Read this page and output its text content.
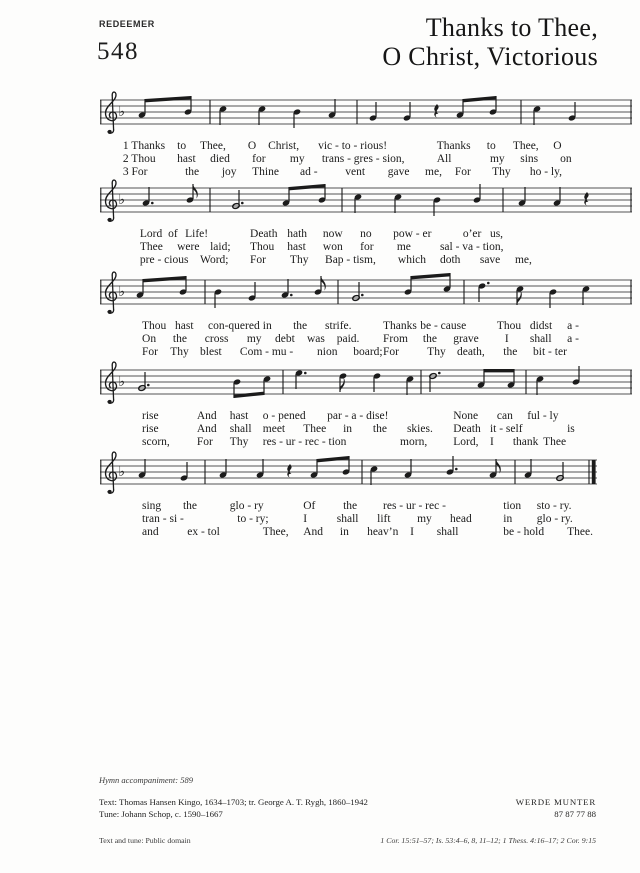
REDEEMER
548
Thanks to Thee,
O Christ, Victorious
♭
1 Thanks to Thee, O Christ, vic - to - rious!	Thanks to Thee, O
2 Thou hast died for my trans - gres - sion,	All	my sins on
3 For	the joy Thine ad - vent gave me, For Thy ho - ly,
♭
Lord of Life!	Death hath now no pow - er	o’er us,
Thee were laid; Thou hast won for me	sal - va - tion,
pre - cious Word; For Thy Bap - tism, which doth save me,
♭
Thou hast con-quered in the strife.	Thanks be - cause	Thou didst a -
On the cross my debt was paid. From the grave I shall a -
For Thy blest Com - mu - nion board; For Thy death, the bit - ter
♭
rise	And hast o - pened par - a - dise!	None can ful - ly
rise	And shall meet Thee in the skies. Death it - self	is
scorn, For Thy res - ur - rec - tion	morn, Lord, I thank Thee
♭
sing the	glo - ry	Of the res - ur - rec -	tion sto - ry.
tran - si -	to - ry;	I	shall lift my head	in glo - ry.
and ex - tol	Thee, And in heav’n I shall	be - hold Thee.
Hymn accompaniment: 589
Text: Thomas Hansen Kingo, 1634–1703; tr. George A. T. Rygh, 1860–1942
Tune: Johann Schop, c. 1590–1667
WERDE MUNTER
87 87 77 88
Text and tune: Public domain	1 Cor. 15:51–57; Is. 53:4–6, 8, 11–12; 1 Thess. 4:16–17; 2 Cor. 9:15
